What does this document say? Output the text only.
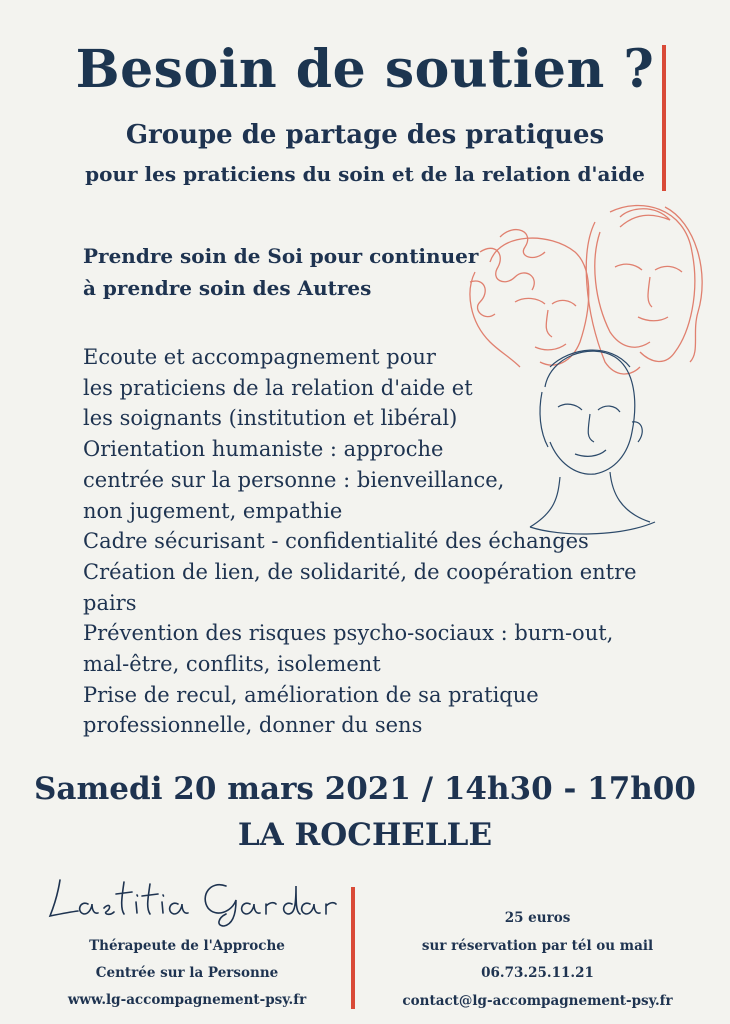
Besoin de soutien ?
Groupe de partage des pratiques
pour les praticiens du soin et de la relation d'aide
Prendre soin de Soi pour continuer
à prendre soin des Autres
Ecoute et accompagnement pour
les praticiens de la relation d'aide et
les soignants (institution et libéral)
Orientation humaniste : approche
centrée sur la personne : bienveillance,
non jugement, empathie
Cadre sécurisant - confidentialité des échanges
Création de lien, de solidarité, de coopération entre
pairs
Prévention des risques psycho-sociaux : burn-out,
mal-être, conflits, isolement
Prise de recul, amélioration de sa pratique
professionnelle, donner du sens
Samedi 20 mars 2021 / 14h30 - 17h00
LA ROCHELLE
Thérapeute de l'Approche
Centrée sur la Personne
www.lg-accompagnement-psy.fr
25 euros
sur réservation par tél ou mail
06.73.25.11.21
contact@lg-accompagnement-psy.fr
